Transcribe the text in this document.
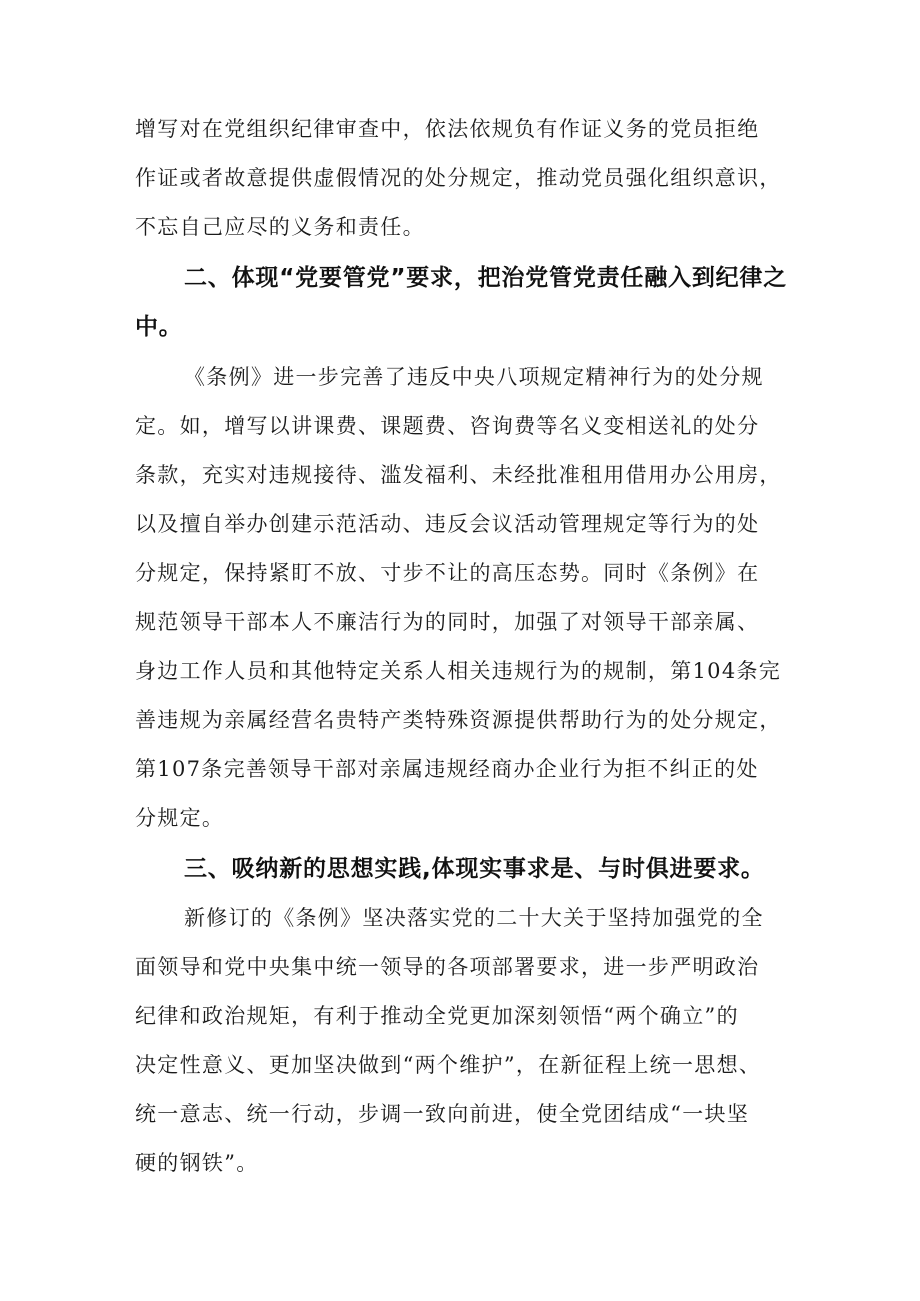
增写对在党组织纪律审查中，依法依规负有作证义务的党员拒绝
作证或者故意提供虚假情况的处分规定，推动党员强化组织意识，
不忘自己应尽的义务和责任。
二、体现“党要管党”要求，把治党管党责任融入到纪律之
中。
《条例》进一步完善了违反中央八项规定精神行为的处分规
定。如，增写以讲课费、课题费、咨询费等名义变相送礼的处分
条款，充实对违规接待、滥发福利、未经批准租用借用办公用房，
以及擅自举办创建示范活动、违反会议活动管理规定等行为的处
分规定，保持紧盯不放、寸步不让的高压态势。同时《条例》在
规范领导干部本人不廉洁行为的同时，加强了对领导干部亲属、
身边工作人员和其他特定关系人相关违规行为的规制，第104条完
善违规为亲属经营名贵特产类特殊资源提供帮助行为的处分规定，
第107条完善领导干部对亲属违规经商办企业行为拒不纠正的处
分规定。
三、吸纳新的思想实践,体现实事求是、与时俱进要求。
新修订的《条例》坚决落实党的二十大关于坚持加强党的全
面领导和党中央集中统一领导的各项部署要求，进一步严明政治
纪律和政治规矩，有利于推动全党更加深刻领悟“两个确立”的
决定性意义、更加坚决做到“两个维护”，在新征程上统一思想、
统一意志、统一行动，步调一致向前进，使全党团结成“一块坚
硬的钢铁”。
